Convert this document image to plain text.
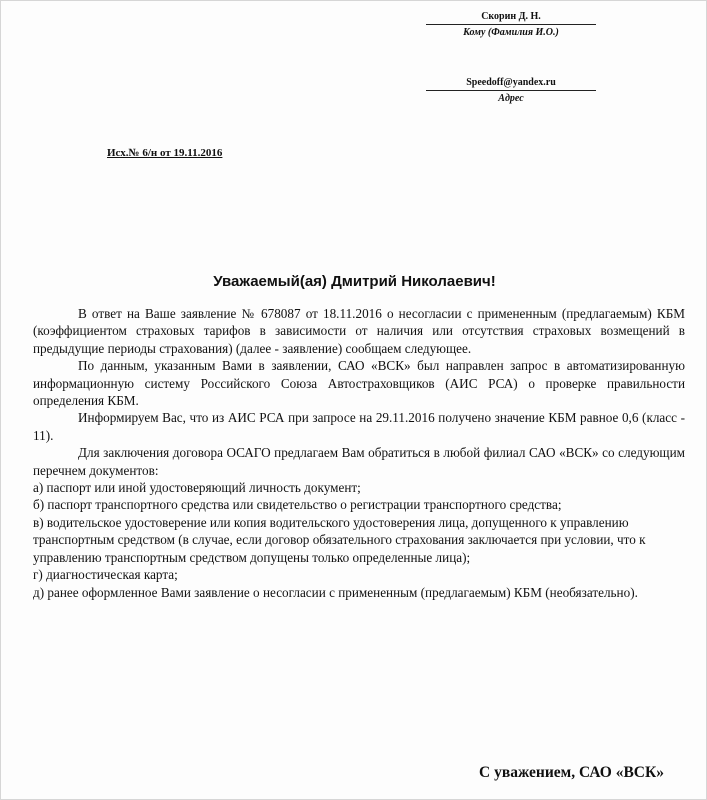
Скорин Д. Н.
Кому (Фамилия И.О.)
Speedoff@yandex.ru
Адрес
Исх.№ 6/н от 19.11.2016
Уважаемый(ая) Дмитрий Николаевич!

В ответ на Ваше заявление № 678087 от 18.11.2016 о несогласии с примененным (предлагаемым) КБМ (коэффициентом страховых тарифов в зависимости от наличия или отсутствия страховых возмещений в предыдущие периоды страхования) (далее - заявление) сообщаем следующее.

По данным, указанным Вами в заявлении, САО «ВСК» был направлен запрос в автоматизированную информационную систему Российского Союза Автостраховщиков (АИС РСА) о проверке правильности определения КБМ.

Информируем Вас, что из АИС РСА при запросе на 29.11.2016 получено значение КБМ равное 0,6 (класс - 11).

Для заключения договора ОСАГО предлагаем Вам обратиться в любой филиал САО «ВСК» со следующим перечнем документов:

а) паспорт или иной удостоверяющий личность документ;
б) паспорт транспортного средства или свидетельство о регистрации транспортного средства;
в) водительское удостоверение или копия водительского удостоверения лица, допущенного к управлению транспортным средством (в случае, если договор обязательного страхования заключается при условии, что к управлению транспортным средством допущены только определенные лица);
г) диагностическая карта;
д) ранее оформленное Вами заявление о несогласии с примененным (предлагаемым) КБМ (необязательно).
С уважением, САО «ВСК»
